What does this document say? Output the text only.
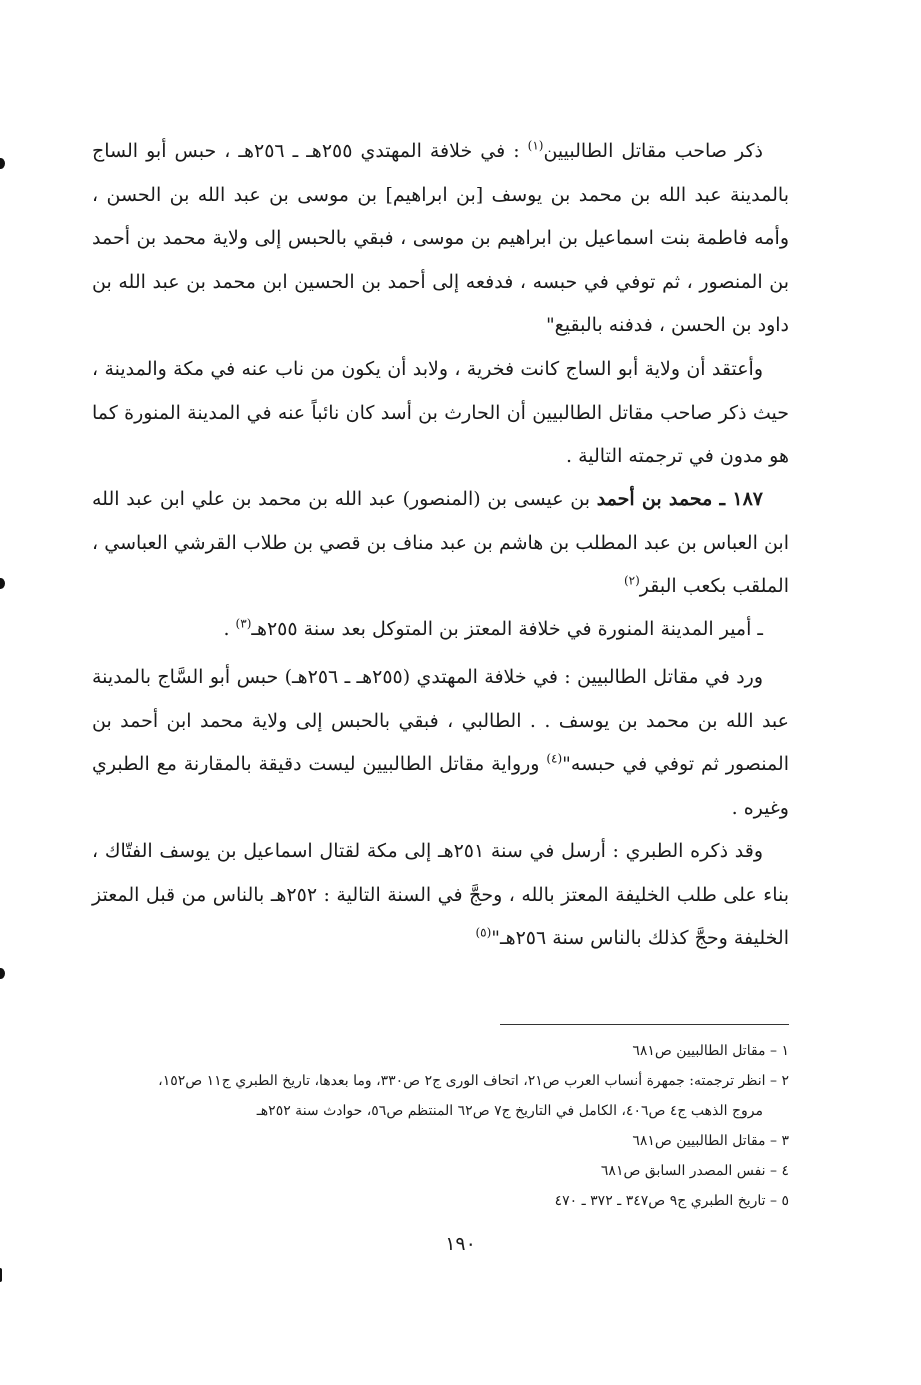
ذكر صاحب مقاتل الطالبيين$^{(١)}$ : في خلافة المهتدي ٢٥٥هـ ـ ٢٥٦هـ ، حبس أبو الساج بالمدينة عبد الله بن محمد بن يوسف [بن ابراهيم] بن موسى بن عبد الله بن الحسن ، وأمه فاطمة بنت اسماعيل بن ابراهيم بن موسى ، فبقي بالحبس إلى ولاية محمد بن أحمد بن المنصور ، ثم توفي في حبسه ، فدفعه إلى أحمد بن الحسين ابن محمد بن عبد الله بن داود بن الحسن ، فدفنه بالبقيع"

وأعتقد أن ولاية أبو الساج كانت فخرية ، ولابد أن يكون من ناب عنه في مكة والمدينة ، حيث ذكر صاحب مقاتل الطالبيين أن الحارث بن أسد كان نائباً عنه في المدينة المنورة كما هو مدون في ترجمته التالية .

١٨٧ ـ محمد بن أحمد بن عيسى بن (المنصور) عبد الله بن محمد بن علي ابن عبد الله ابن العباس بن عبد المطلب بن هاشم بن عبد مناف بن قصي بن طلاب القرشي العباسي ، الملقب بكعب البقر$^{(٢)}$

ـ أمير المدينة المنورة في خلافة المعتز بن المتوكل بعد سنة ٢٥٥هـ$^{(٣)}$ .

ورد في مقاتل الطالبيين : في خلافة المهتدي (٢٥٥هـ ـ ٢٥٦هـ) حبس أبو السَّاج بالمدينة عبد الله بن محمد بن يوسف . . الطالبي ، فبقي بالحبس إلى ولاية محمد ابن أحمد بن المنصور ثم توفي في حبسه"$^{(٤)}$ ورواية مقاتل الطالبيين ليست دقيقة بالمقارنة مع الطبري وغيره .

وقد ذكره الطبري : أرسل في سنة ٢٥١هـ إلى مكة لقتال اسماعيل بن يوسف الفتّاك ، بناء على طلب الخليفة المعتز بالله ، وحجَّ في السنة التالية : ٢٥٢هـ بالناس من قبل المعتز الخليفة وحجَّ كذلك بالناس سنة ٢٥٦هـ"$^{(٥)}$

١ – مقاتل الطالبيين ص٦٨١

٢ – انظر ترجمته: جمهرة أنساب العرب ص٢١، اتحاف الورى ج٢ ص٣٣٠، وما بعدها، تاريخ الطبري ج١١ ص١٥٢،
مروج الذهب ج٤ ص٤٠٦، الكامل في التاريخ ج٧ ص٦٢ المنتظم ص٥٦، حوادث سنة ٢٥٢هـ

٣ – مقاتل الطالبيين ص٦٨١

٤ – نفس المصدر السابق ص٦٨١

٥ – تاريخ الطبري ج٩ ص٣٤٧ ـ ٣٧٢ ـ ٤٧٠

١٩٠
